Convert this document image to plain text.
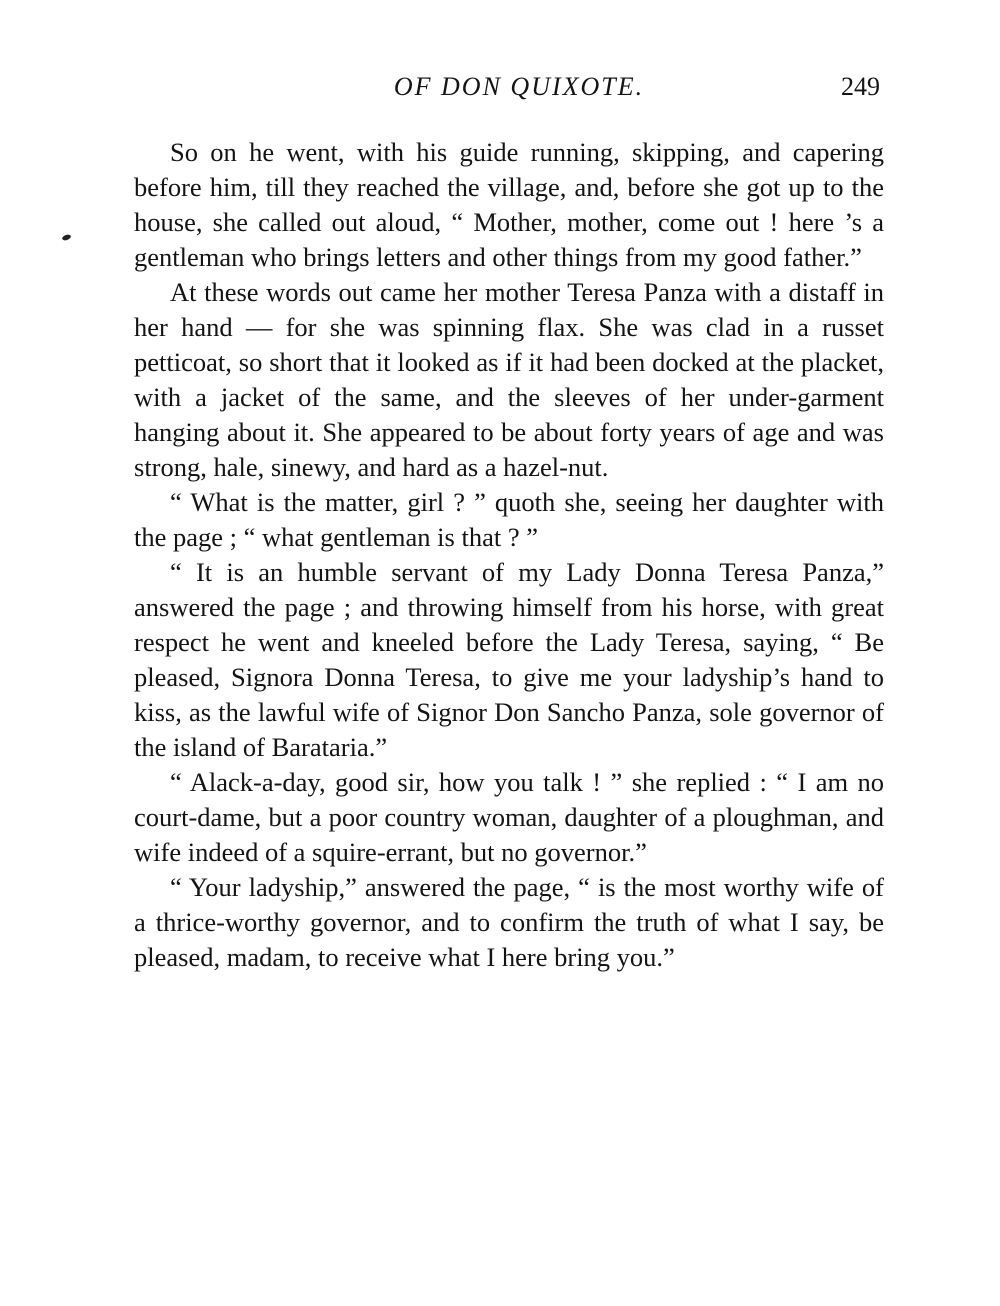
OF DON QUIXOTE.	249

So on he went, with his guide running, skipping, and capering before him, till they reached the village, and, before she got up to the house, she called out aloud, “ Mother, mother, come out ! here ’s a gentleman who brings letters and other things from my good father.”

At these words out came her mother Teresa Panza with a distaff in her hand — for she was spinning flax. She was clad in a russet petticoat, so short that it looked as if it had been docked at the placket, with a jacket of the same, and the sleeves of her under-garment hanging about it. She appeared to be about forty years of age and was strong, hale, sinewy, and hard as a hazel-nut.

“ What is the matter, girl ? ” quoth she, seeing her daughter with the page ; “ what gentleman is that ? ”

“ It is an humble servant of my Lady Donna Teresa Panza,” answered the page ; and throwing himself from his horse, with great respect he went and kneeled before the Lady Teresa, saying, “ Be pleased, Signora Donna Teresa, to give me your ladyship’s hand to kiss, as the lawful wife of Signor Don Sancho Panza, sole governor of the island of Barataria.”

“ Alack-a-day, good sir, how you talk ! ” she replied : “ I am no court-dame, but a poor country woman, daughter of a ploughman, and wife indeed of a squire-errant, but no governor.”

“ Your ladyship,” answered the page, “ is the most worthy wife of a thrice-worthy governor, and to confirm the truth of what I say, be pleased, madam, to receive what I here bring you.”
